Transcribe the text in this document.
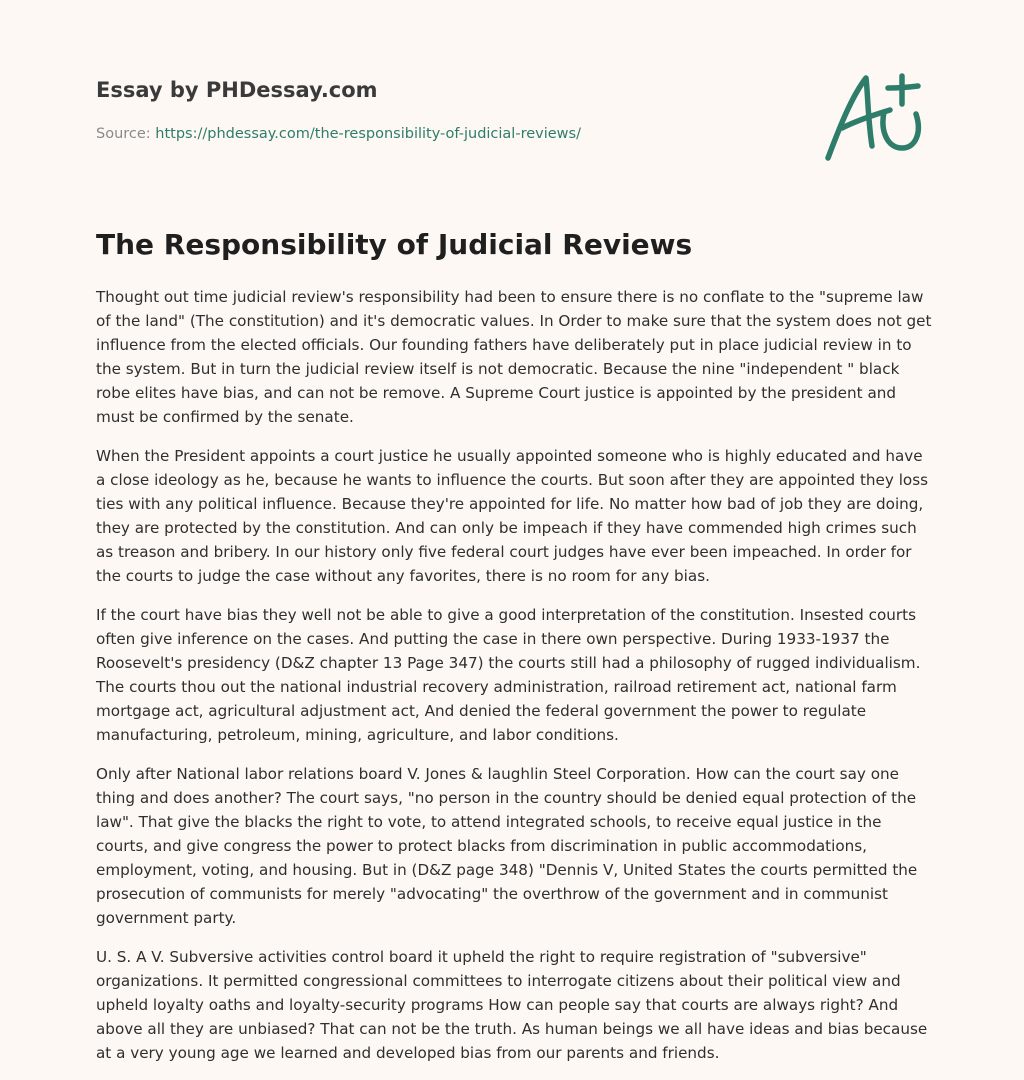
Essay by PHDessay.com

Source: https://phdessay.com/the-responsibility-of-judicial-reviews/
The Responsibility of Judicial Reviews

Thought out time judicial review's responsibility had been to ensure there is no conflate to the "supreme law of the land" (The constitution) and it's democratic values. In Order to make sure that the system does not get influence from the elected officials. Our founding fathers have deliberately put in place judicial review in to the system. But in turn the judicial review itself is not democratic. Because the nine "independent " black robe elites have bias, and can not be remove. A Supreme Court justice is appointed by the president and must be confirmed by the senate.

When the President appoints a court justice he usually appointed someone who is highly educated and have a close ideology as he, because he wants to influence the courts. But soon after they are appointed they loss ties with any political influence. Because they're appointed for life. No matter how bad of job they are doing, they are protected by the constitution. And can only be impeach if they have commended high crimes such as treason and bribery. In our history only five federal court judges have ever been impeached. In order for the courts to judge the case without any favorites, there is no room for any bias.

If the court have bias they well not be able to give a good interpretation of the constitution. Insested courts often give inference on the cases. And putting the case in there own perspective. During 1933-1937 the Roosevelt's presidency (D&Z chapter 13 Page 347) the courts still had a philosophy of rugged individualism. The courts thou out the national industrial recovery administration, railroad retirement act, national farm mortgage act, agricultural adjustment act, And denied the federal government the power to regulate manufacturing, petroleum, mining, agriculture, and labor conditions.

Only after National labor relations board V. Jones & laughlin Steel Corporation. How can the court say one thing and does another? The court says, "no person in the country should be denied equal protection of the law". That give the blacks the right to vote, to attend integrated schools, to receive equal justice in the courts, and give congress the power to protect blacks from discrimination in public accommodations, employment, voting, and housing. But in (D&Z page 348) "Dennis V, United States the courts permitted the prosecution of communists for merely "advocating" the overthrow of the government and in communist government party.

U. S. A V. Subversive activities control board it upheld the right to require registration of "subversive" organizations. It permitted congressional committees to interrogate citizens about their political view and upheld loyalty oaths and loyalty-security programs How can people say that courts are always right? And above all they are unbiased? That can not be the truth. As human beings we all have ideas and bias because at a very young age we learned and developed bias from our parents and friends.
